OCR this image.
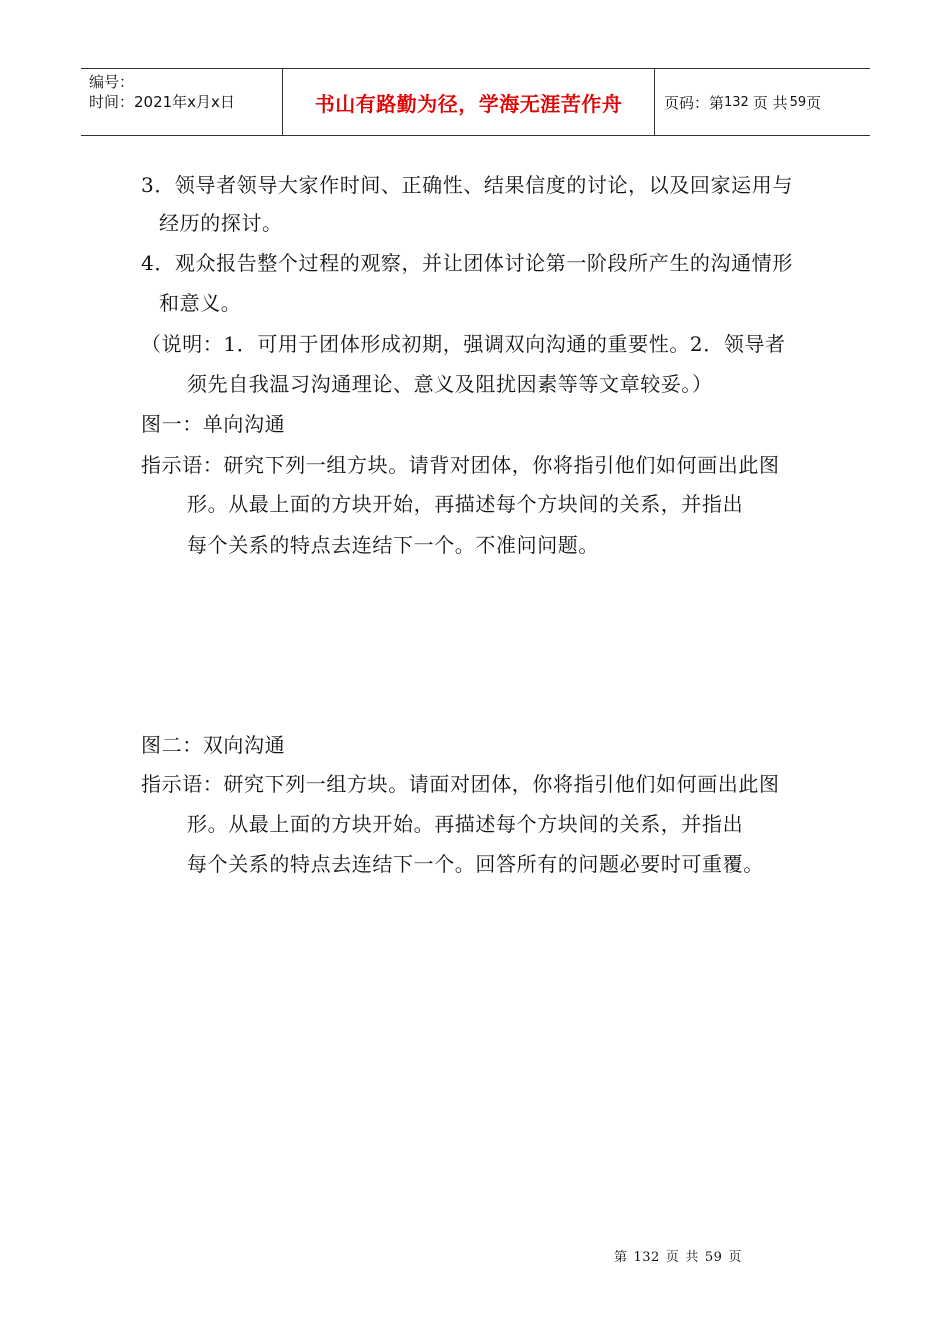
编号：
时间：2021年x月x日	书山有路勤为径，学海无涯苦作舟	页码：第 132 页 共 59 页
3．领导者领导大家作时间、正确性、结果信度的讨论，以及回家运用与
经历的探讨。
4．观众报告整个过程的观察，并让团体讨论第一阶段所产生的沟通情形
和意义。
（说明：1．可用于团体形成初期，强调双向沟通的重要性。2．领导者
须先自我温习沟通理论、意义及阻扰因素等等文章较妥。）
图一：单向沟通
指示语：研究下列一组方块。请背对团体，你将指引他们如何画出此图
形。从最上面的方块开始，再描述每个方块间的关系，并指出
每个关系的特点去连结下一个。不准问问题。
图二：双向沟通
指示语：研究下列一组方块。请面对团体，你将指引他们如何画出此图
形。从最上面的方块开始。再描述每个方块间的关系，并指出
每个关系的特点去连结下一个。回答所有的问题必要时可重覆。
第 132 页 共 59 页
